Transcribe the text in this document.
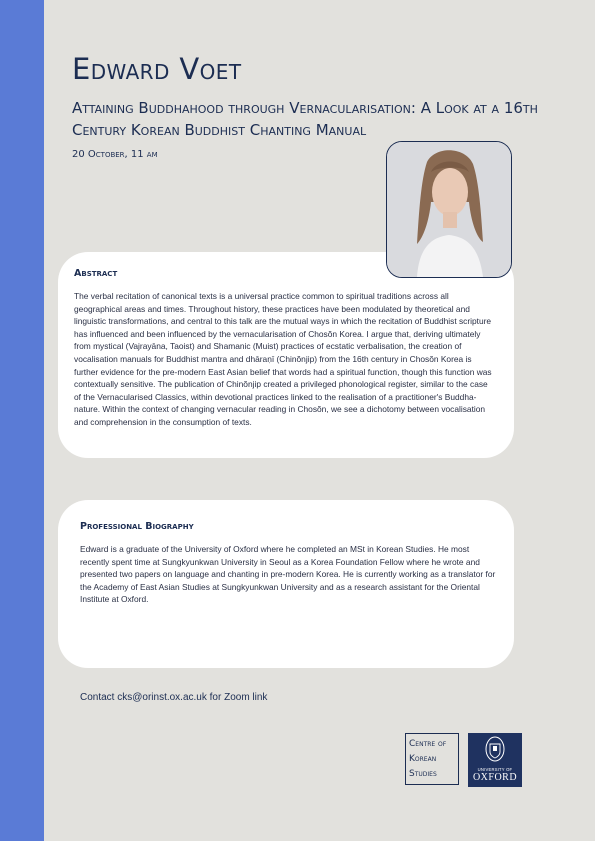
Edward Voet
Attaining Buddhahood through Vernacularisation: A Look at a 16th Century Korean Buddhist Chanting Manual
20 October, 11 am
Abstract

The verbal recitation of canonical texts is a universal practice common to spiritual traditions across all geographical areas and times. Throughout history, these practices have been modulated by theoretical and linguistic transformations, and central to this talk are the mutual ways in which the recitation of Buddhist scripture has influenced and been influenced by the vernacularisation of Chosŏn Korea. I argue that, deriving ultimately from mystical (Vajrayāna, Taoist) and Shamanic (Muist) practices of ecstatic verbalisation, the creation of vocalisation manuals for Buddhist mantra and dhāraṇī (Chinŏnjip) from the 16th century in Chosŏn Korea is further evidence for the pre-modern East Asian belief that words had a spiritual function, though this function was contextually sensitive. The publication of Chinŏnjip created a privileged phonological register, similar to the case of the Vernacularised Classics, within devotional practices linked to the realisation of a practitioner's Buddha-nature. Within the context of changing vernacular reading in Chosŏn, we see a dichotomy between vocalisation and comprehension in the consumption of texts.

Professional Biography

Edward is a graduate of the University of Oxford where he completed an MSt in Korean Studies. He most recently spent time at Sungkyunkwan University in Seoul as a Korea Foundation Fellow where he wrote and presented two papers on language and chanting in pre-modern Korea. He is currently working as a translator for the Academy of East Asian Studies at Sungkyunkwan University and as a research assistant for the Oriental Institute at Oxford.

Contact cks@orinst.ox.ac.uk for Zoom link
Centre of
Korean
Studies	UNIVERSITY OF
OXFORD
